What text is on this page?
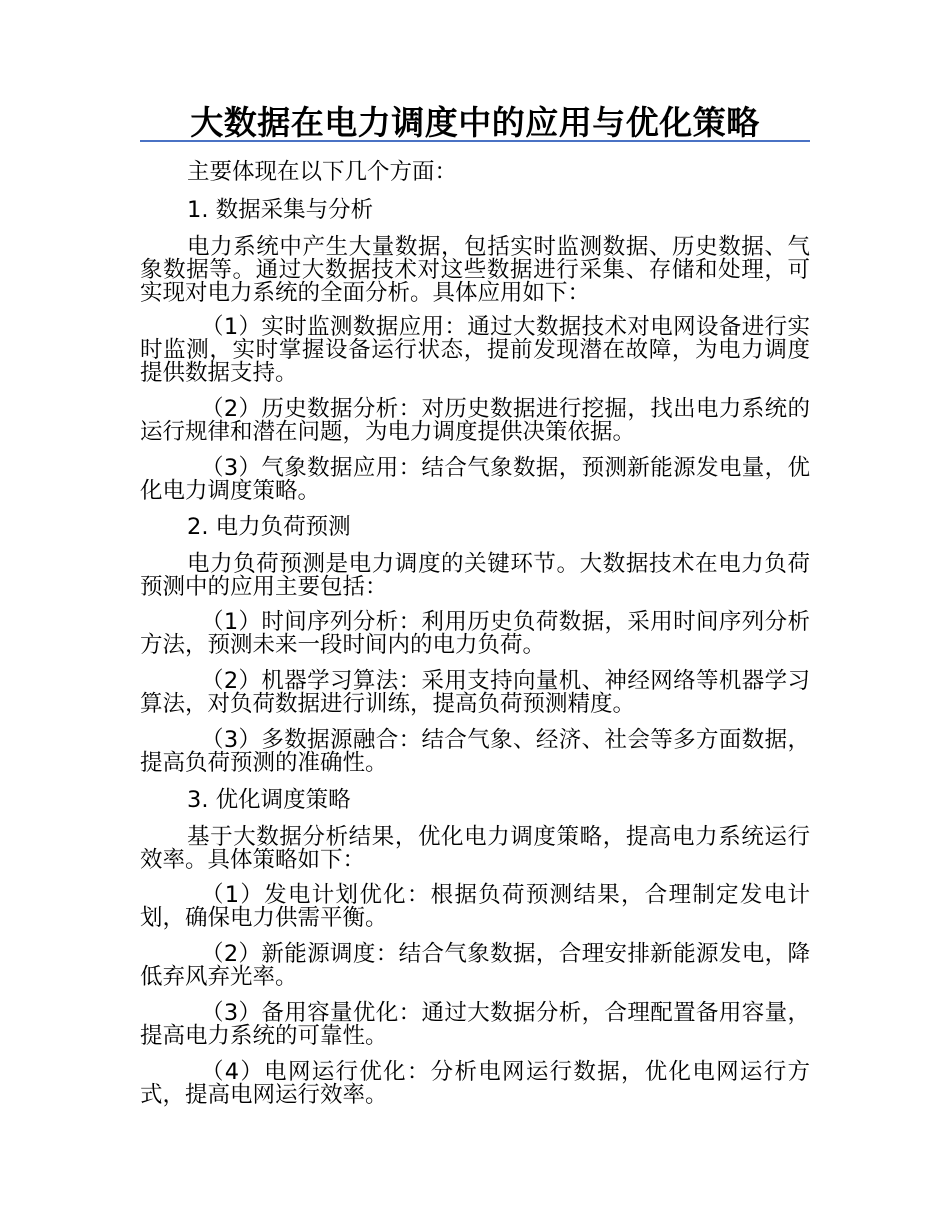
大数据在电力调度中的应用与优化策略
主要体现在以下几个方面：
1. 数据采集与分析
电力系统中产生大量数据，包括实时监测数据、历史数据、气象数据等。通过大数据技术对这些数据进行采集、存储和处理，可实现对电力系统的全面分析。具体应用如下：
（1）实时监测数据应用：通过大数据技术对电网设备进行实时监测，实时掌握设备运行状态，提前发现潜在故障，为电力调度提供数据支持。
（2）历史数据分析：对历史数据进行挖掘，找出电力系统的运行规律和潜在问题，为电力调度提供决策依据。
（3）气象数据应用：结合气象数据，预测新能源发电量，优化电力调度策略。
2. 电力负荷预测
电力负荷预测是电力调度的关键环节。大数据技术在电力负荷预测中的应用主要包括：
（1）时间序列分析：利用历史负荷数据，采用时间序列分析方法，预测未来一段时间内的电力负荷。
（2）机器学习算法：采用支持向量机、神经网络等机器学习算法，对负荷数据进行训练，提高负荷预测精度。
（3）多数据源融合：结合气象、经济、社会等多方面数据，提高负荷预测的准确性。
3. 优化调度策略
基于大数据分析结果，优化电力调度策略，提高电力系统运行效率。具体策略如下：
（1）发电计划优化：根据负荷预测结果，合理制定发电计划，确保电力供需平衡。
（2）新能源调度：结合气象数据，合理安排新能源发电，降低弃风弃光率。
（3）备用容量优化：通过大数据分析，合理配置备用容量，提高电力系统的可靠性。
（4）电网运行优化：分析电网运行数据，优化电网运行方式，提高电网运行效率。
